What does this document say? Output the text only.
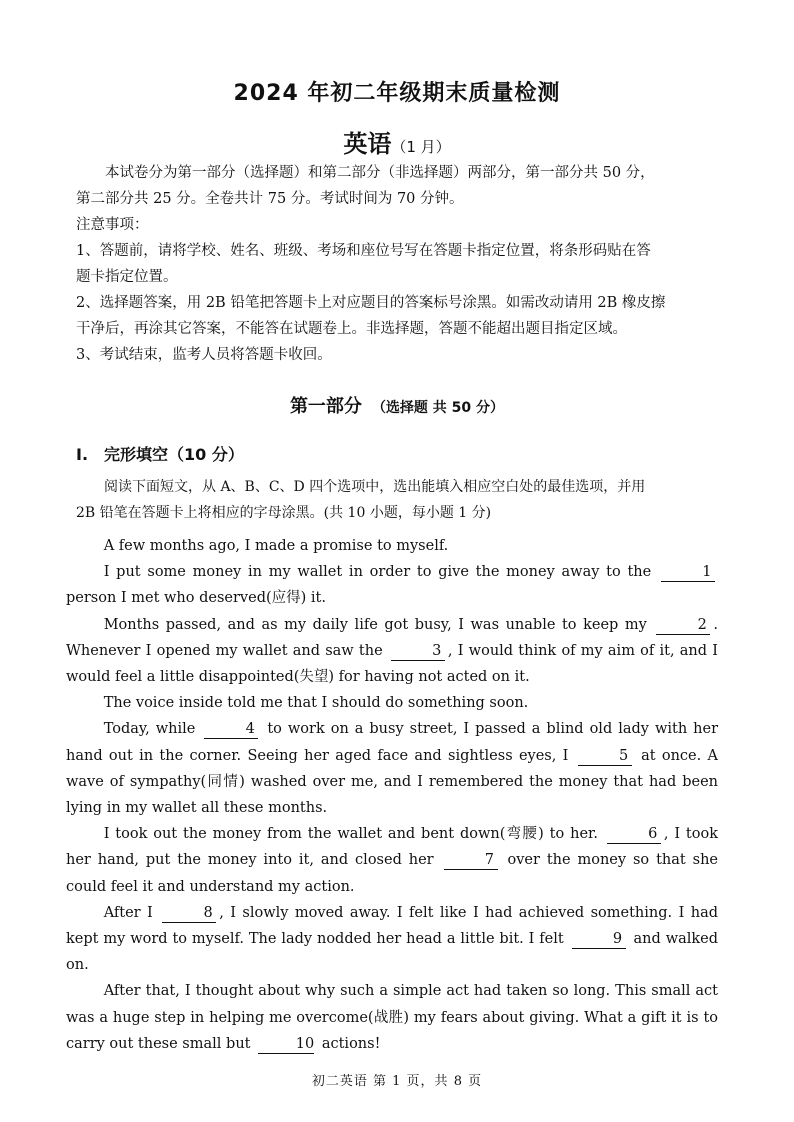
2024 年初二年级期末质量检测
英语（1 月）
本试卷分为第一部分（选择题）和第二部分（非选择题）两部分，第一部分共 50 分，
第二部分共 25 分。全卷共计 75 分。考试时间为 70 分钟。
注意事项：
1、答题前，请将学校、姓名、班级、考场和座位号写在答题卡指定位置，将条形码贴在答
题卡指定位置。
2、选择题答案，用 2B 铅笔把答题卡上对应题目的答案标号涂黑。如需改动请用 2B 橡皮擦
干净后，再涂其它答案，不能答在试题卷上。非选择题，答题不能超出题目指定区域。
3、考试结束，监考人员将答题卡收回。
第一部分 （选择题 共 50 分）
I. 完形填空（10 分）
阅读下面短文，从 A、B、C、D 四个选项中，选出能填入相应空白处的最佳选项，并用
2B 铅笔在答题卡上将相应的字母涂黑。(共 10 小题，每小题 1 分)

A few months ago, I made a promise to myself.

I put some money in my wallet in order to give the money away to the	1 person I met who deserved(应得) it.

Months passed, and as my daily life got busy, I was unable to keep my	2 . Whenever I opened my wallet and saw the	3 , I would think of my aim of it, and I would feel a little disappointed(失望) for having not acted on it.

The voice inside told me that I should do something soon.

Today, while	4 to work on a busy street, I passed a blind old lady with her hand out in the corner. Seeing her aged face and sightless eyes, I	5 at once. A wave of sympathy(同情) washed over me, and I remembered the money that had been lying in my wallet all these months.

I took out the money from the wallet and bent down(弯腰) to her.	6 , I took her hand, put the money into it, and closed her	7 over the money so that she could feel it and understand my action.

After I	8 , I slowly moved away. I felt like I had achieved something. I had kept my word to myself. The lady nodded her head a little bit. I felt	9 and walked on.

After that, I thought about why such a simple act had taken so long. This small act was a huge step in helping me overcome(战胜) my fears about giving. What a gift it is to carry out these small but	10 actions!

初二英语 第 1 页，共 8 页
